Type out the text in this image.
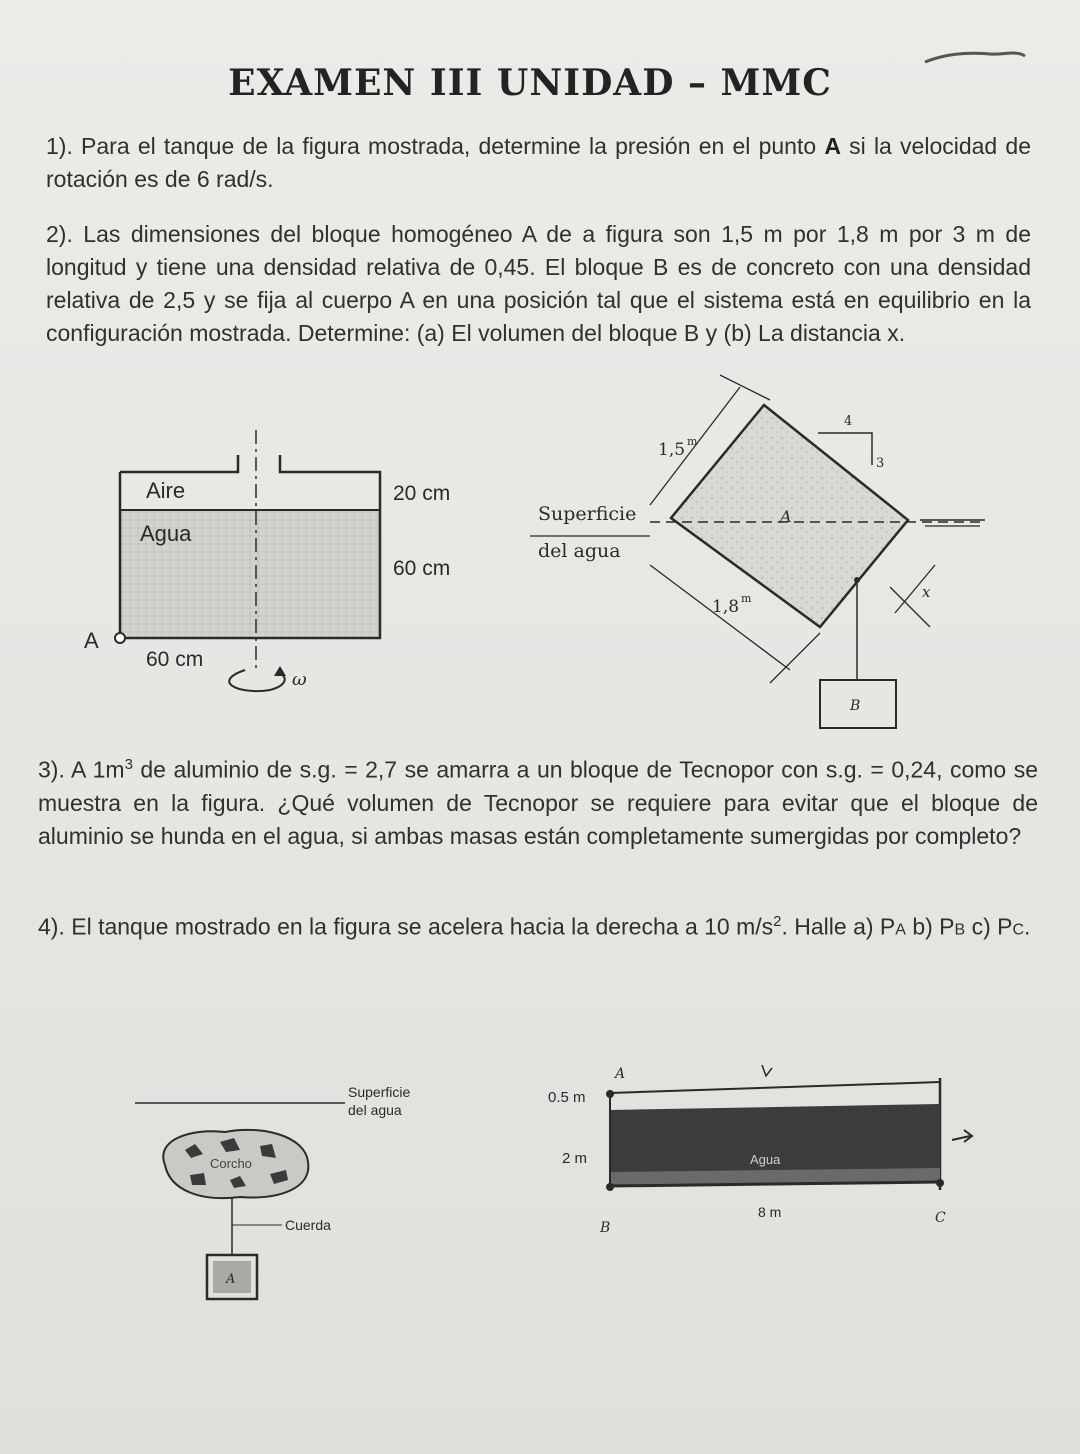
EXAMEN III UNIDAD – MMC

1). Para el tanque de la figura mostrada, determine la presión en el punto A si la velocidad de rotación es de 6 rad/s.

2). Las dimensiones del bloque homogéneo A de a figura son 1,5 m por 1,8 m por 3 m de longitud y tiene una densidad relativa de 0,45. El bloque B es de concreto con una densidad relativa de 2,5 y se fija al cuerpo A en una posición tal que el sistema está en equilibrio en la configuración mostrada. Determine: (a) El volumen del bloque B y (b) La distancia x.

A
Aire
Agua
20 cm
60 cm
60 cm
ω
A
Superficie
del agua
1,5 m
1,8 m
4
3
B
x

3). A $1m^3$ de aluminio de s.g. = 2,7 se amarra a un bloque de Tecnopor con s.g. = 0,24, como se muestra en la figura. ¿Qué volumen de Tecnopor se requiere para evitar que el bloque de aluminio se hunda en el agua, si ambas masas están completamente sumergidas por completo?

4). El tanque mostrado en la figura se acelera hacia la derecha a 10 $m/s^2$. Halle a) PA b) PB c) PC.

Superficie
del agua
Corcho
Cuerda
A
A
B
C
0.5 m
2 m
8 m
Agua
